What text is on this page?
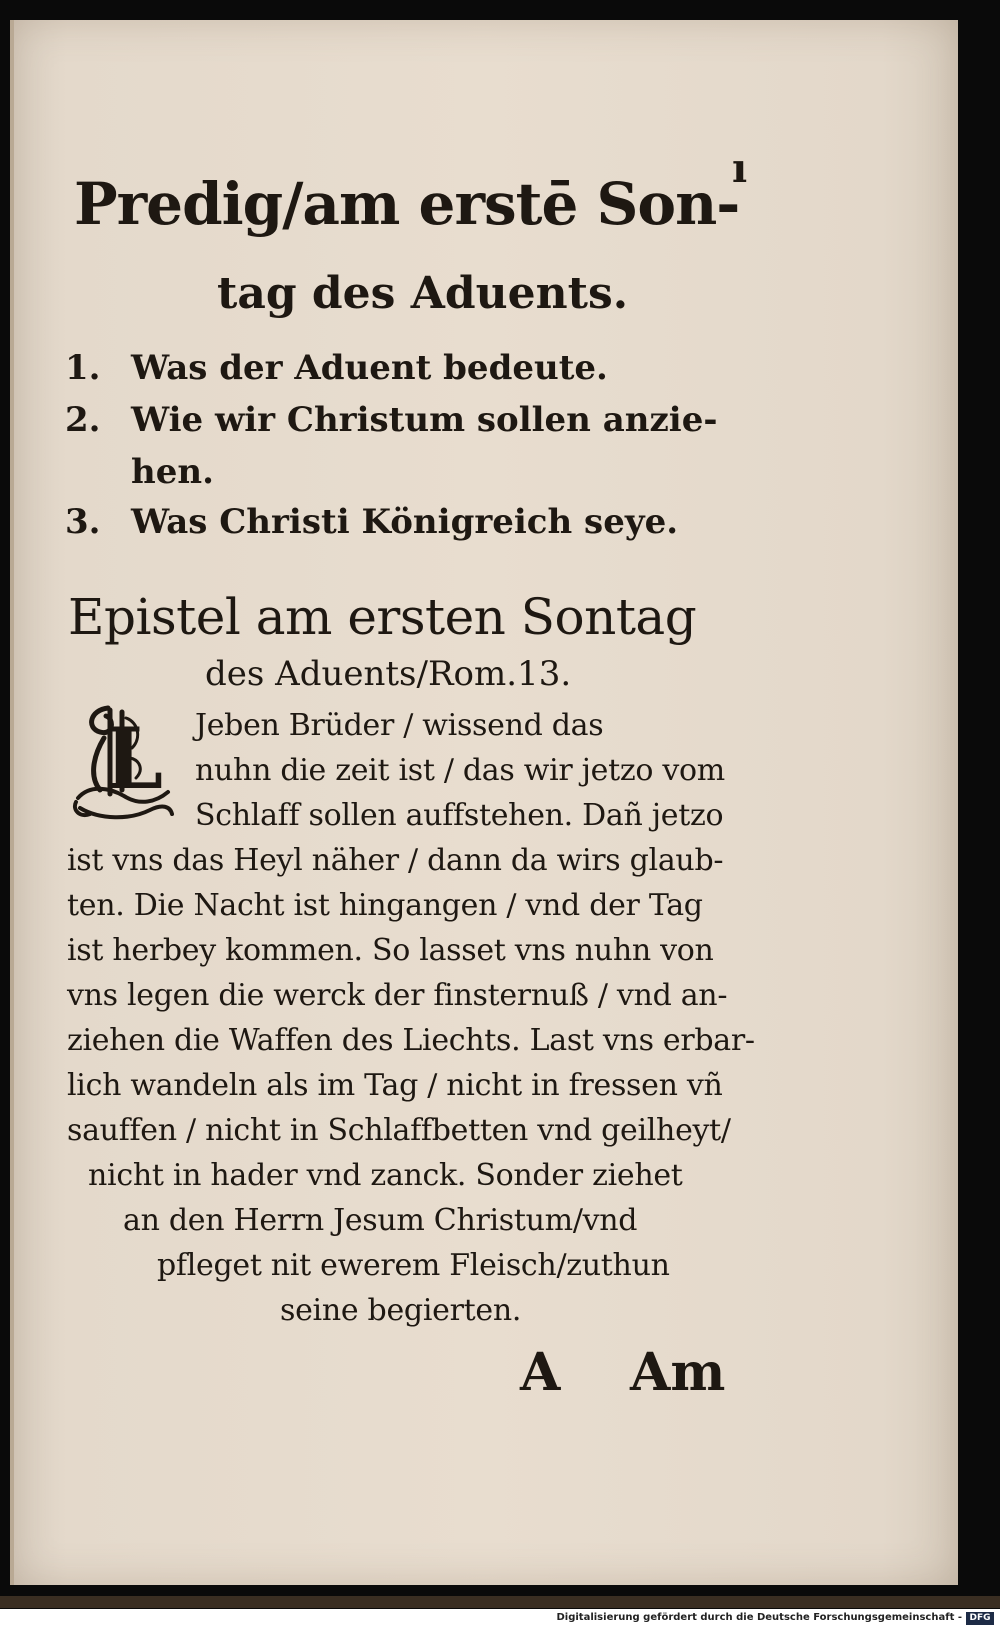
ı
Predig/am erstē Son-
tag des Aduents.
1. Was der Aduent bedeute.
2. Wie wir Christum sollen anzie-
hen.
3. Was Christi Königreich seye.
Epistel am ersten Sontag
des Aduents/Rom.13.
L Jeben Brüder / wissend das
nuhn die zeit ist / das wir jetzo vom
Schlaff sollen auffstehen. Dañ jetzo
ist vns das Heyl näher / dann da wirs glaub-
ten. Die Nacht ist hingangen / vnd der Tag
ist herbey kommen. So lasset vns nuhn von
vns legen die werck der finsternuß / vnd an-
ziehen die Waffen des Liechts. Last vns erbar-
lich wandeln als im Tag / nicht in fressen vñ
sauffen / nicht in Schlaffbetten vnd geilheyt/
nicht in hader vnd zanck. Sonder ziehet
an den Herrn Jesum Christum/vnd
pfleget nit ewerem Fleisch/zuthun
seine begierten.
A Am
Digitalisierung gefördert durch die Deutsche Forschungsgemeinschaft - DFG
